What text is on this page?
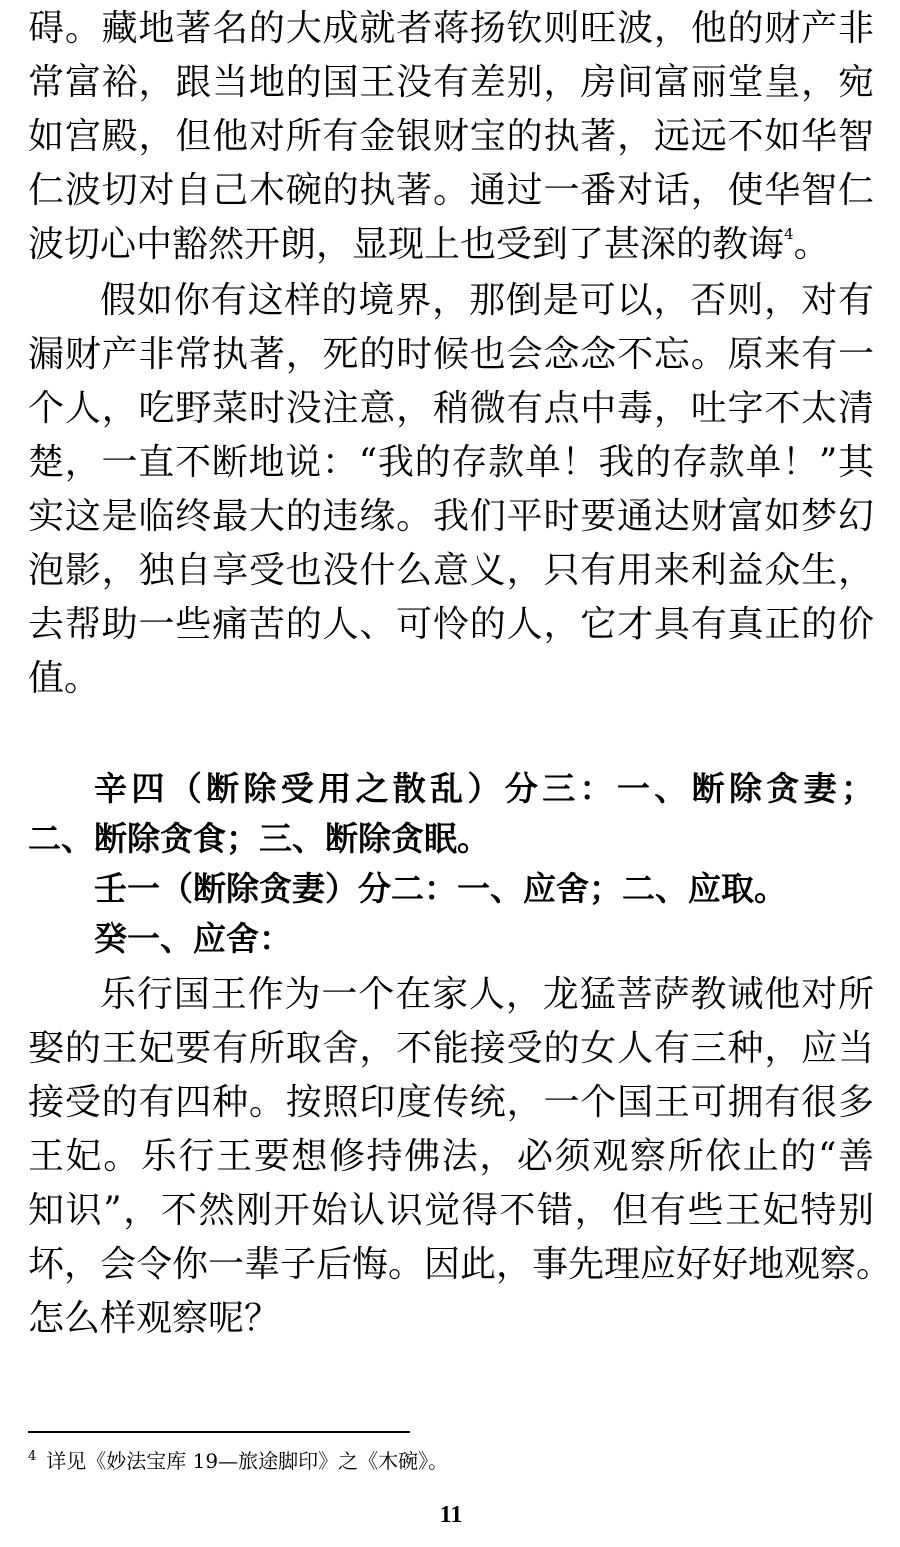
碍。藏地著名的大成就者蒋扬钦则旺波，他的财产非
常富裕，跟当地的国王没有差别，房间富丽堂皇，宛
如宫殿，但他对所有金银财宝的执著，远远不如华智
仁波切对自己木碗的执著。通过一番对话，使华智仁
波切心中豁然开朗，显现上也受到了甚深的教诲$^4$。
假如你有这样的境界，那倒是可以，否则，对有
漏财产非常执著，死的时候也会念念不忘。原来有一
个人，吃野菜时没注意，稍微有点中毒，吐字不太清
楚，一直不断地说：“我的存款单！我的存款单！”其
实这是临终最大的违缘。我们平时要通达财富如梦幻
泡影，独自享受也没什么意义，只有用来利益众生，
去帮助一些痛苦的人、可怜的人，它才具有真正的价
值。
辛四（断除受用之散乱）分三：一、断除贪妻；
二、断除贪食；三、断除贪眠。
壬一（断除贪妻）分二：一、应舍；二、应取。
癸一、应舍：
乐行国王作为一个在家人，龙猛菩萨教诫他对所
娶的王妃要有所取舍，不能接受的女人有三种，应当
接受的有四种。按照印度传统，一个国王可拥有很多
王妃。乐行王要想修持佛法，必须观察所依止的“善
知识”，不然刚开始认识觉得不错，但有些王妃特别
坏，会令你一辈子后悔。因此，事先理应好好地观察。
怎么样观察呢？
$^4$ 详见《妙法宝库 19—旅途脚印》之《木碗》。
11
